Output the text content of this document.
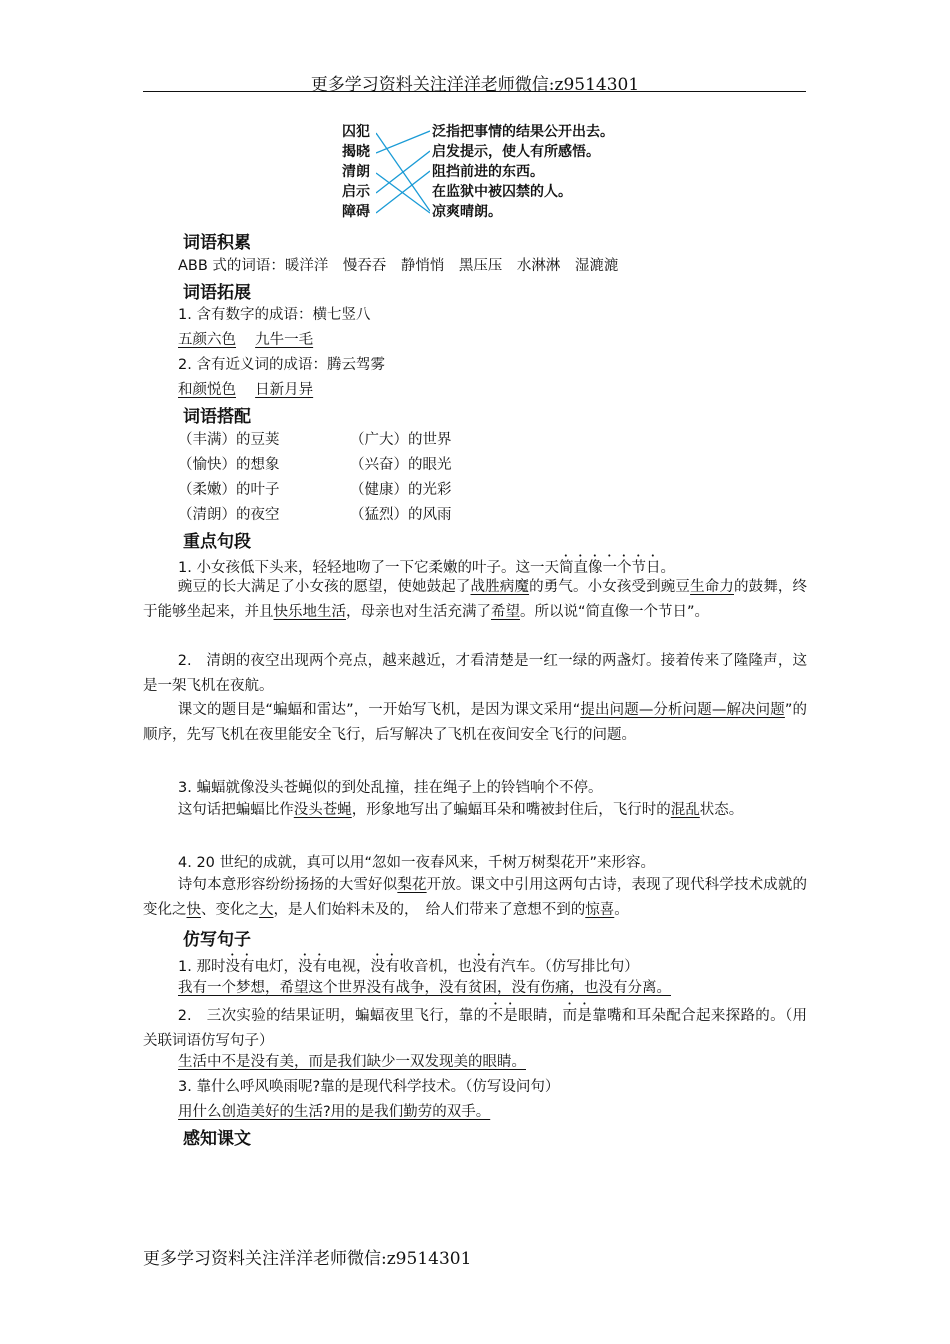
更多学习资料关注洋洋老师微信:z9514301
囚犯
揭晓
清朗
启示
障碍
泛指把事情的结果公开出去。
启发提示，使人有所感悟。
阻挡前进的东西。
在监狱中被囚禁的人。
凉爽晴朗。
词语积累
ABB 式的词语：暖洋洋　慢吞吞　静悄悄　黑压压　水淋淋　湿漉漉
词语拓展
1. 含有数字的成语：横七竖八
五颜六色　 九牛一毛
2. 含有近义词的成语：腾云驾雾
和颜悦色　 日新月异
词语搭配
（丰满）的豆荚	（广大）的世界
（愉快）的想象	（兴奋）的眼光
（柔嫩）的叶子	（健康）的光彩
（清朗）的夜空	（猛烈）的风雨
重点句段
1. 小女孩低下头来，轻轻地吻了一下它柔嫩的叶子。这一天简直像一个节日。
豌豆的长大满足了小女孩的愿望，使她鼓起了战胜病魔的勇气。小女孩受到豌豆生命力的鼓舞，终于能够坐起来，并且快乐地生活，母亲也对生活充满了希望。所以说“简直像一个节日”。
2.　清朗的夜空出现两个亮点，越来越近，才看清楚是一红一绿的两盏灯。接着传来了隆隆声，这是一架飞机在夜航。
课文的题目是“蝙蝠和雷达”，一开始写飞机，是因为课文采用“提出问题—分析问题—解决问题”的顺序，先写飞机在夜里能安全飞行，后写解决了飞机在夜间安全飞行的问题。
3. 蝙蝠就像没头苍蝇似的到处乱撞，挂在绳子上的铃铛响个不停。
这句话把蝙蝠比作没头苍蝇，形象地写出了蝙蝠耳朵和嘴被封住后，飞行时的混乱状态。
4. 20 世纪的成就，真可以用“忽如一夜春风来，千树万树梨花开”来形容。
诗句本意形容纷纷扬扬的大雪好似梨花开放。课文中引用这两句古诗，表现了现代科学技术成就的变化之快、变化之大，是人们始料未及的，　给人们带来了意想不到的惊喜。
仿写句子
1. 那时没有电灯，没有电视，没有收音机，也没有汽车。（仿写排比句）
我有一个梦想，希望这个世界没有战争，没有贫困，没有伤痛，也没有分离。
2.　三次实验的结果证明，蝙蝠夜里飞行，靠的不是眼睛，而是靠嘴和耳朵配合起来探路的。（用关联词语仿写句子）
生活中不是没有美，而是我们缺少一双发现美的眼睛。
3. 靠什么呼风唤雨呢?靠的是现代科学技术。（仿写设问句）
用什么创造美好的生活?用的是我们勤劳的双手。
感知课文
更多学习资料关注洋洋老师微信:z9514301
